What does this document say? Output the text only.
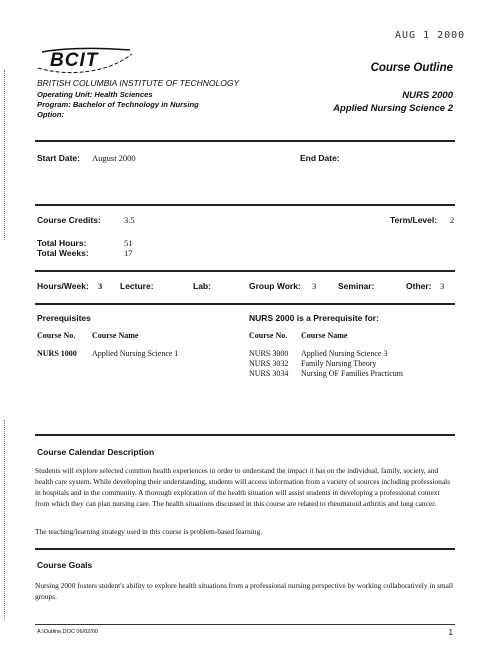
AUG 1 2000
BCIT
BRITISH COLUMBIA INSTITUTE OF TECHNOLOGY
Operating Unit: Health Sciences
Program: Bachelor of Technology in Nursing
Option:
Course Outline
NURS 2000
Applied Nursing Science 2
Start Date: August 2000	End Date:
Course Credits:	3.5	Term/Level: 2
Total Hours:	51
Total Weeks:	17
Hours/Week: 3 Lecture:	Lab:	Group Work: 3	Seminar:	Other: 3
Prerequisites
Course No. Course Name
NURS 1000 Applied Nursing Science 1
NURS 2000 is a Prerequisite for:
Course No. Course Name
NURS 3000 Applied Nursing Science 3
NURS 3032 Family Nursing Theory
NURS 3034 Nursing OF Families Practicum
Course Calendar Description
Students will explore selected common health experiences in order to understand the impact it has on the individual, family, society, and health care system. While developing their understanding, students will access information from a variety of sources including professionals in hospitals and in the community. A thorough exploration of the health situation will assist students in developing a professional context from which they can plan nursing care. The health situations discussed in this course are related to rheumatoid arthritis and lung cancer.
The teaching/learning strategy used in this course is problem-based learning.
Course Goals
Nursing 2000 fosters student's ability to explore health situations from a professional nursing perspective by working collaboratively in small groups.
A:\Outline.DOC 06/02/00	1
